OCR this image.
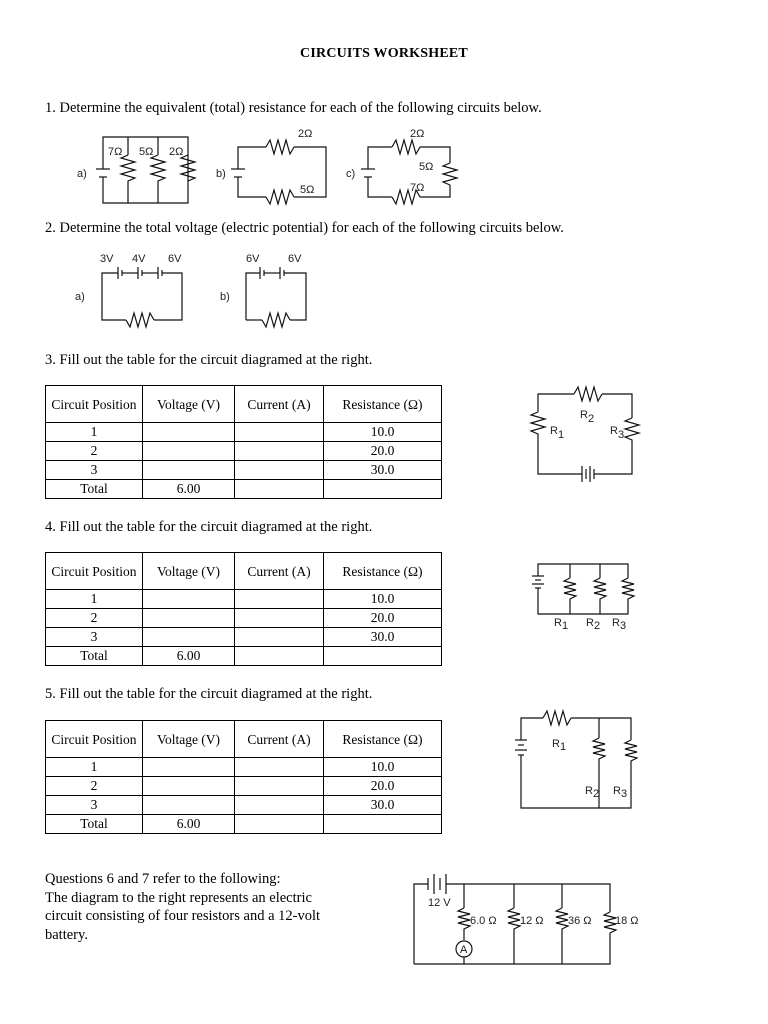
CIRCUITS WORKSHEET
1. Determine the equivalent (total) resistance for each of the following circuits below.
a)
7Ω 5Ω 2Ω
b)
2Ω
5Ω
c)
2Ω
5Ω
7Ω
2. Determine the total voltage (electric potential) for each of the following circuits below.
a)
3V 4V 6V
b)
6V	6V
3. Fill out the table for the circuit diagramed at the right.
Circuit Position	Voltage (V)	Current (A)	Resistance (Ω)
1			10.0
2			20.0
3			30.0
Total	6.00		
R 2
R 1	R 3
4. Fill out the table for the circuit diagramed at the right.
Circuit Position	Voltage (V)	Current (A)	Resistance (Ω)
1			10.0
2			20.0
3			30.0
Total	6.00		
R 1 R 2 R 3
5. Fill out the table for the circuit diagramed at the right.
Circuit Position	Voltage (V)	Current (A)	Resistance (Ω)
1			10.0
2			20.0
3			30.0
Total	6.00		
R 1
R 2 R 3
Questions 6 and 7 refer to the following:
The diagram to the right represents an electric
circuit consisting of four resistors and a 12-volt
battery.
12 V
A
6.0 Ω 12 Ω 36 Ω 18 Ω
